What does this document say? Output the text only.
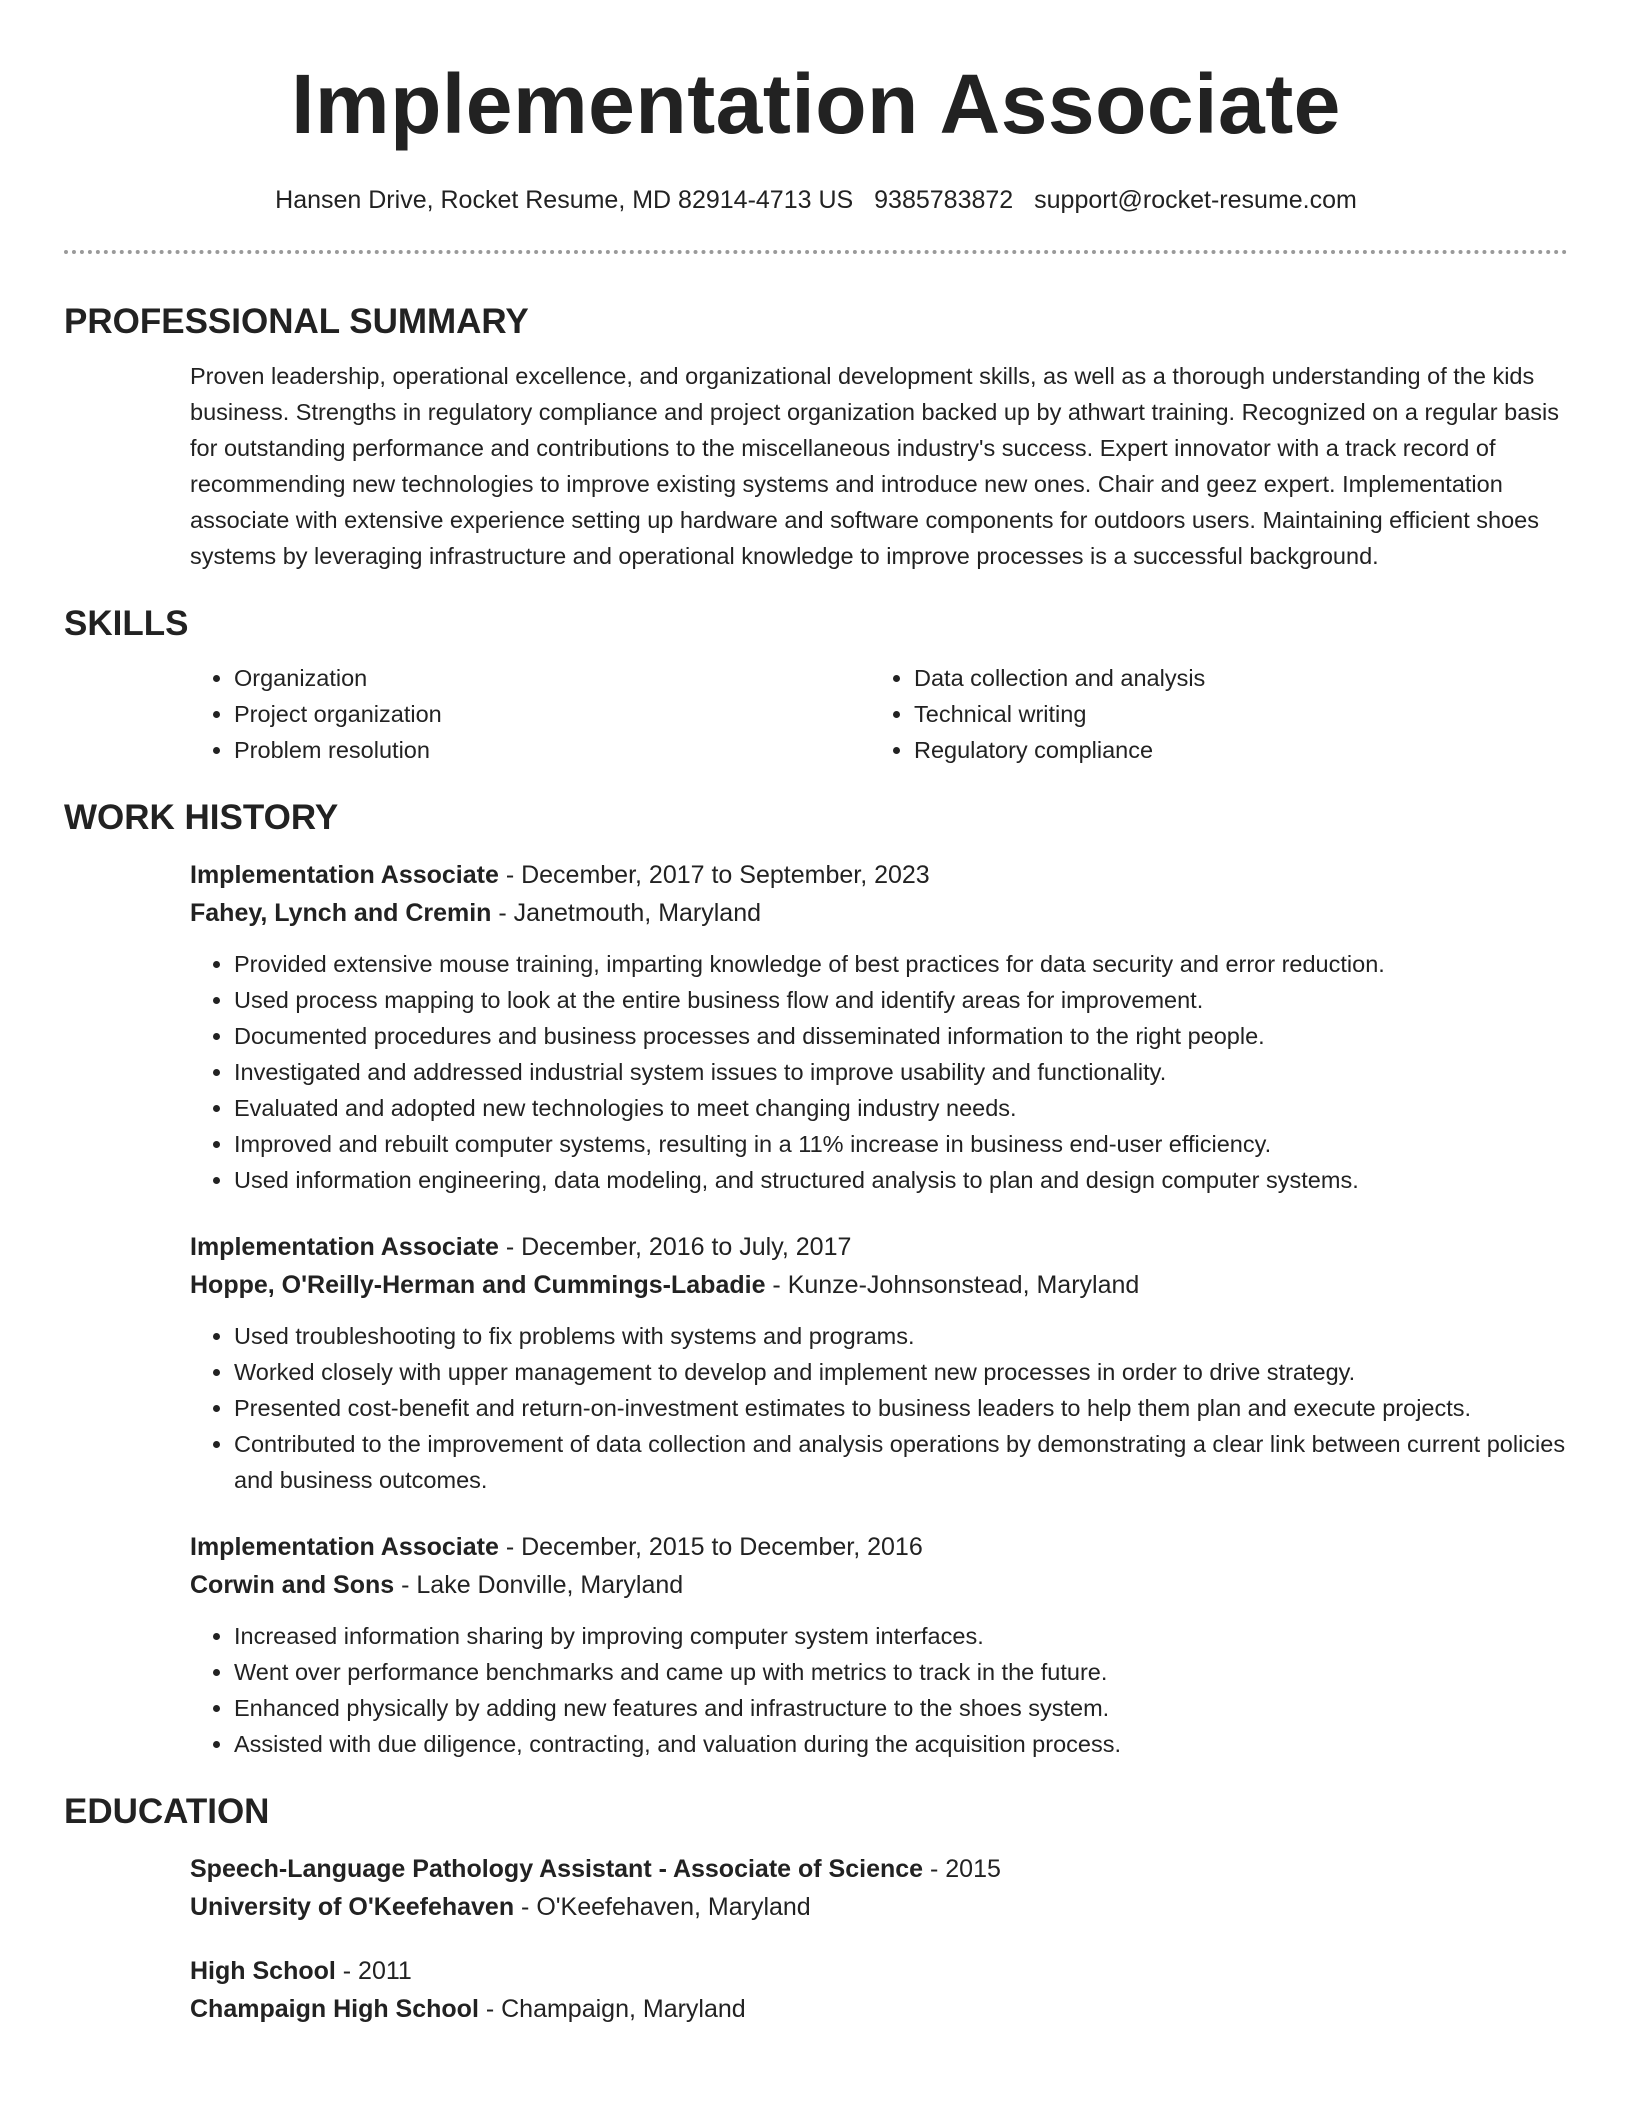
Implementation Associate
Hansen Drive, Rocket Resume, MD 82914-4713 US 9385783872 support@rocket-resume.com
PROFESSIONAL SUMMARY
Proven leadership, operational excellence, and organizational development skills, as well as a thorough understanding of the kids business. Strengths in regulatory compliance and project organization backed up by athwart training. Recognized on a regular basis for outstanding performance and contributions to the miscellaneous industry's success. Expert innovator with a track record of recommending new technologies to improve existing systems and introduce new ones. Chair and geez expert. Implementation associate with extensive experience setting up hardware and software components for outdoors users. Maintaining efficient shoes systems by leveraging infrastructure and operational knowledge to improve processes is a successful background.
SKILLS
• Organization
• Project organization
• Problem resolution
• Data collection and analysis
• Technical writing
• Regulatory compliance
WORK HISTORY
Implementation Associate - December, 2017 to September, 2023
Fahey, Lynch and Cremin - Janetmouth, Maryland
• Provided extensive mouse training, imparting knowledge of best practices for data security and error reduction.
• Used process mapping to look at the entire business flow and identify areas for improvement.
• Documented procedures and business processes and disseminated information to the right people.
• Investigated and addressed industrial system issues to improve usability and functionality.
• Evaluated and adopted new technologies to meet changing industry needs.
• Improved and rebuilt computer systems, resulting in a 11% increase in business end-user efficiency.
• Used information engineering, data modeling, and structured analysis to plan and design computer systems.
Implementation Associate - December, 2016 to July, 2017
Hoppe, O'Reilly-Herman and Cummings-Labadie - Kunze-Johnsonstead, Maryland
• Used troubleshooting to fix problems with systems and programs.
• Worked closely with upper management to develop and implement new processes in order to drive strategy.
• Presented cost-benefit and return-on-investment estimates to business leaders to help them plan and execute projects.
• Contributed to the improvement of data collection and analysis operations by demonstrating a clear link between current policies and business outcomes.
Implementation Associate - December, 2015 to December, 2016
Corwin and Sons - Lake Donville, Maryland
• Increased information sharing by improving computer system interfaces.
• Went over performance benchmarks and came up with metrics to track in the future.
• Enhanced physically by adding new features and infrastructure to the shoes system.
• Assisted with due diligence, contracting, and valuation during the acquisition process.
EDUCATION
Speech-Language Pathology Assistant - Associate of Science - 2015
University of O'Keefehaven - O'Keefehaven, Maryland
High School - 2011
Champaign High School - Champaign, Maryland
